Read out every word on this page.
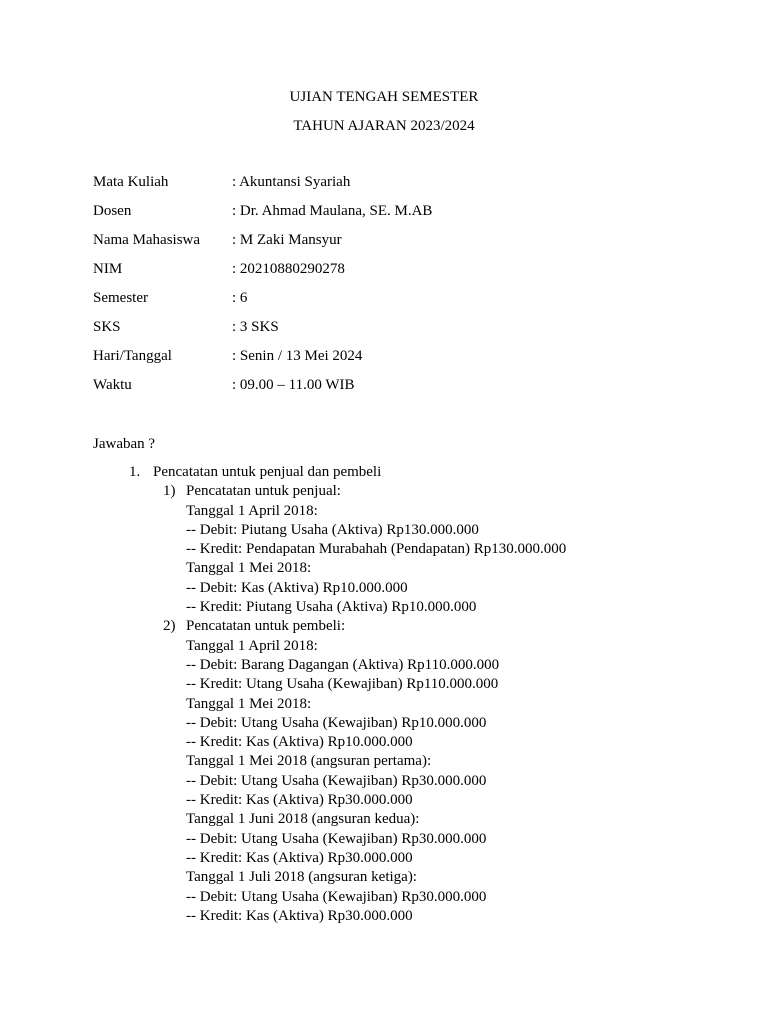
UJIAN TENGAH SEMESTER
TAHUN AJARAN 2023/2024
Mata Kuliah	: Akuntansi Syariah
Dosen	: Dr. Ahmad Maulana, SE. M.AB
Nama Mahasiswa : M Zaki Mansyur
NIM	: 20210880290278
Semester	: 6
SKS	: 3 SKS
Hari/Tanggal	: Senin / 13 Mei 2024
Waktu	: 09.00 – 11.00 WIB
Jawaban ?
1. Pencatatan untuk penjual dan pembeli
1) Pencatatan untuk penjual:
Tanggal 1 April 2018:
-- Debit: Piutang Usaha (Aktiva) Rp130.000.000
-- Kredit: Pendapatan Murabahah (Pendapatan) Rp130.000.000
Tanggal 1 Mei 2018:
-- Debit: Kas (Aktiva) Rp10.000.000
-- Kredit: Piutang Usaha (Aktiva) Rp10.000.000
2) Pencatatan untuk pembeli:
Tanggal 1 April 2018:
-- Debit: Barang Dagangan (Aktiva) Rp110.000.000
-- Kredit: Utang Usaha (Kewajiban) Rp110.000.000
Tanggal 1 Mei 2018:
-- Debit: Utang Usaha (Kewajiban) Rp10.000.000
-- Kredit: Kas (Aktiva) Rp10.000.000
Tanggal 1 Mei 2018 (angsuran pertama):
-- Debit: Utang Usaha (Kewajiban) Rp30.000.000
-- Kredit: Kas (Aktiva) Rp30.000.000
Tanggal 1 Juni 2018 (angsuran kedua):
-- Debit: Utang Usaha (Kewajiban) Rp30.000.000
-- Kredit: Kas (Aktiva) Rp30.000.000
Tanggal 1 Juli 2018 (angsuran ketiga):
-- Debit: Utang Usaha (Kewajiban) Rp30.000.000
-- Kredit: Kas (Aktiva) Rp30.000.000
